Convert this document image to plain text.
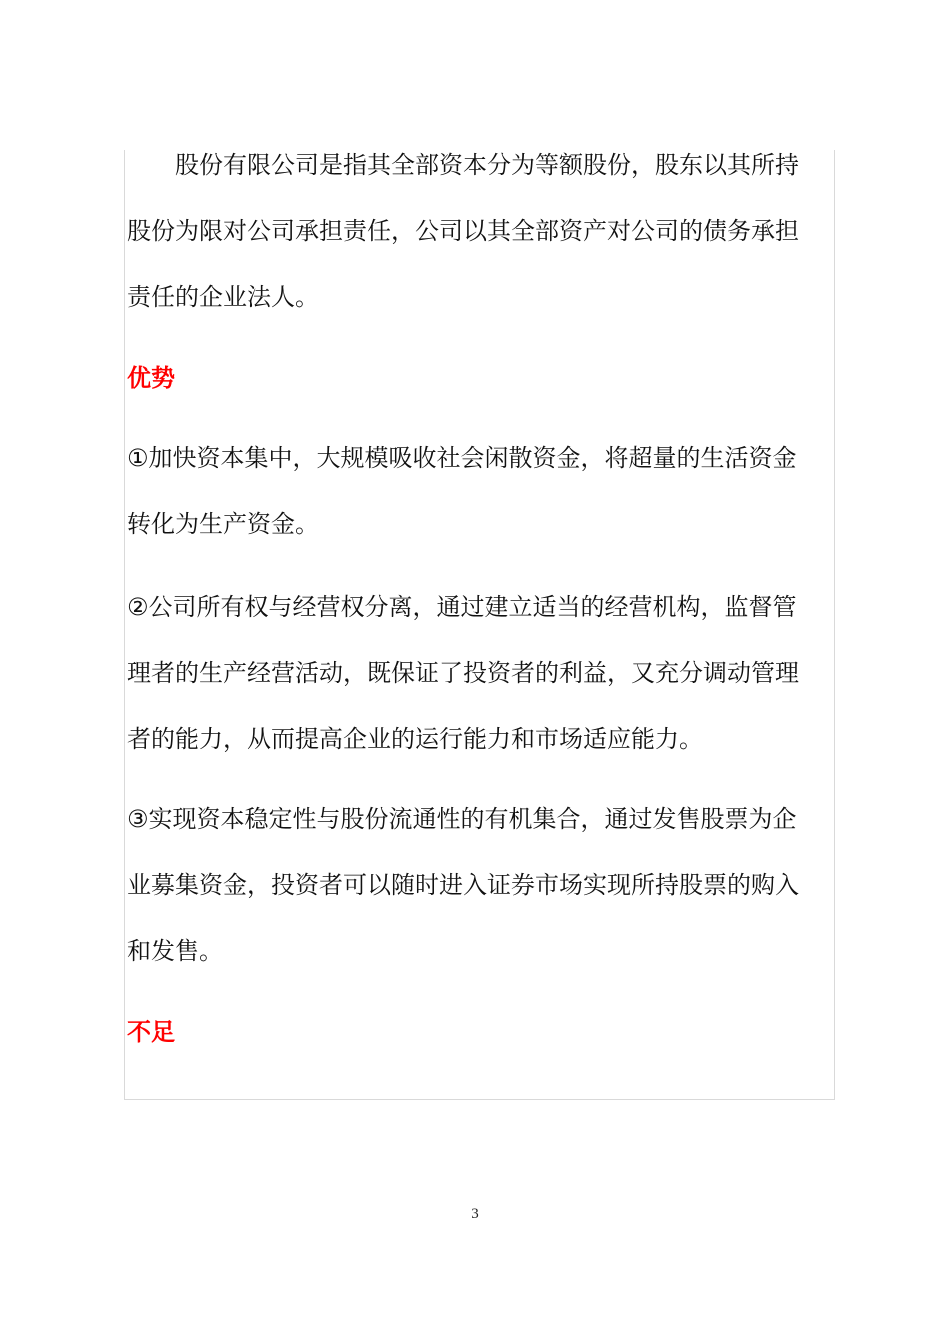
股份有限公司是指其全部资本分为等额股份，股东以其所持股份为限对公司承担责任，公司以其全部资产对公司的债务承担责任的企业法人。

优势

①加快资本集中，大规模吸收社会闲散资金，将超量的生活资金转化为生产资金。

②公司所有权与经营权分离，通过建立适当的经营机构，监督管理者的生产经营活动，既保证了投资者的利益，又充分调动管理者的能力，从而提高企业的运行能力和市场适应能力。

③实现资本稳定性与股份流通性的有机集合，通过发售股票为企业募集资金，投资者可以随时进入证券市场实现所持股票的购入和发售。

不足
3
